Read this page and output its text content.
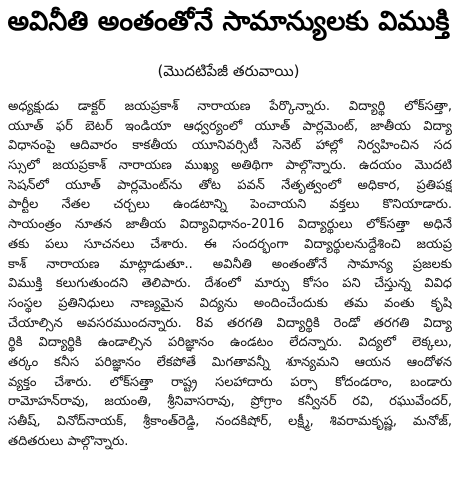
అవినీతి అంతంతోనే సామాన్యులకు విముక్తి
(మొదటిపేజీ తరువాయి)
అధ్యక్షుడు డాక్టర్ జయప్రకాశ్ నారాయణ పేర్కొన్నారు. విద్యార్థి లోక్‌సత్తా,
యూత్ ఫర్ బెటర్ ఇండియా ఆధ్వర్యంలో యూత్ పార్లమెంట్, జాతీయ విద్యా
విధానంపై ఆదివారం కాకతీయ యూనివర్సిటీ సెనెట్ హాల్లో నిర్వహించిన సద
స్సులో జయప్రకాశ్ నారాయణ ముఖ్య అతిథిగా పాల్గొన్నారు. ఉదయం మొదటి
సెషన్‌లో యూత్ పార్లమెంట్‌ను తోట పవన్ నేతృత్వంలో అధికార, ప్రతిపక్ష
పార్టీల నేతల చర్చలు ఉండటాన్ని పెంచాయని వక్తలు కొనియాడారు.
సాయంత్రం నూతన జాతీయ విద్యావిధానం-2016 విద్యార్థులు లోక్‌సత్తా అధినే
తకు పలు సూచనలు చేశారు. ఈ సందర్భంగా విద్యార్థులనుద్దేశించి జయప్ర
కాశ్ నారాయణ మాట్లాడుతూ.. అవినీతి అంతంతోనే సామాన్య ప్రజలకు
విముక్తి కలుగుతుందని తెలిపారు. దేశంలో మార్పు కోసం పని చేస్తున్న వివిధ
సంస్థల ప్రతినిధులు నాణ్యమైన విద్యను అందించేందుకు తమ వంతు కృషి
చేయాల్సిన అవసరముందన్నారు. 8వ తరగతి విద్యార్థికి రెండో తరగతి విద్యా
ర్థికి విద్యార్థికి ఉండాల్సిన పరిజ్ఞానం ఉండటం లేదన్నారు. విద్యలో లెక్కలు,
తర్కం కనీస పరిజ్ఞానం లేకపోతే మిగతావన్నీ శూన్యమని ఆయన ఆందోళన
వ్యక్తం చేశారు. లోక్‌సత్తా రాష్ట్ర సలహాదారు పర్సా కోదండరాం, బండారు
రామోహన్‌రావు, జయంతి, శ్రీనివాసరావు, ప్రోగ్రాం కన్వీనర్ రవి, రఘువేందర్,
సతీష్, వినోద్‌నాయక్, శ్రీకాంత్‌రెడ్డి, నందకిషోర్, లక్ష్మీ, శివరామకృష్ణ, మనోజ్,
తదితరులు పాల్గొన్నారు.
